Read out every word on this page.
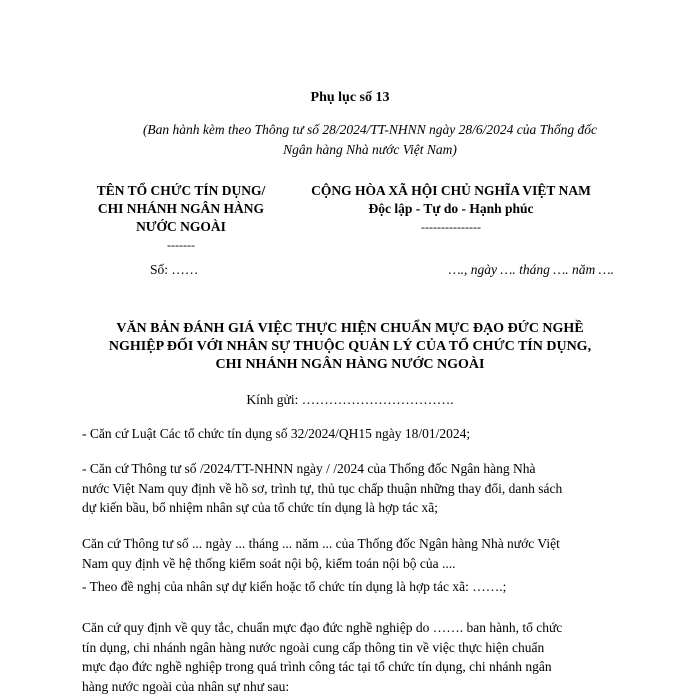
Phụ lục số 13
(Ban hành kèm theo Thông tư số 28/2024/TT-NHNN ngày 28/6/2024 của Thống đốc
Ngân hàng Nhà nước Việt Nam)
TÊN TỔ CHỨC TÍN DỤNG/
CHI NHÁNH NGÂN HÀNG
NƯỚC NGOÀI
-------
CỘNG HÒA XÃ HỘI CHỦ NGHĨA VIỆT NAM
Độc lập - Tự do - Hạnh phúc
---------------
Số: ……	…., ngày …. tháng …. năm ….
VĂN BẢN ĐÁNH GIÁ VIỆC THỰC HIỆN CHUẨN MỰC ĐẠO ĐỨC NGHỀ
NGHIỆP ĐỐI VỚI NHÂN SỰ THUỘC QUẢN LÝ CỦA TỔ CHỨC TÍN DỤNG,
CHI NHÁNH NGÂN HÀNG NƯỚC NGOÀI
Kính gửi: …………………………….
- Căn cứ Luật Các tổ chức tín dụng số 32/2024/QH15 ngày 18/01/2024;
- Căn cứ Thông tư số /2024/TT-NHNN ngày / /2024 của Thống đốc Ngân hàng Nhà
nước Việt Nam quy định về hồ sơ, trình tự, thủ tục chấp thuận những thay đổi, danh sách
dự kiến bầu, bổ nhiệm nhân sự của tổ chức tín dụng là hợp tác xã;
Căn cứ Thông tư số ... ngày ... tháng ... năm ... của Thống đốc Ngân hàng Nhà nước Việt
Nam quy định về hệ thống kiểm soát nội bộ, kiểm toán nội bộ của ....
- Theo đề nghị của nhân sự dự kiến hoặc tổ chức tín dụng là hợp tác xã: …….;
Căn cứ quy định về quy tắc, chuẩn mực đạo đức nghề nghiệp do ……. ban hành, tổ chức
tín dụng, chi nhánh ngân hàng nước ngoài cung cấp thông tin về việc thực hiện chuẩn
mực đạo đức nghề nghiệp trong quá trình công tác tại tổ chức tín dụng, chi nhánh ngân
hàng nước ngoài của nhân sự như sau:
